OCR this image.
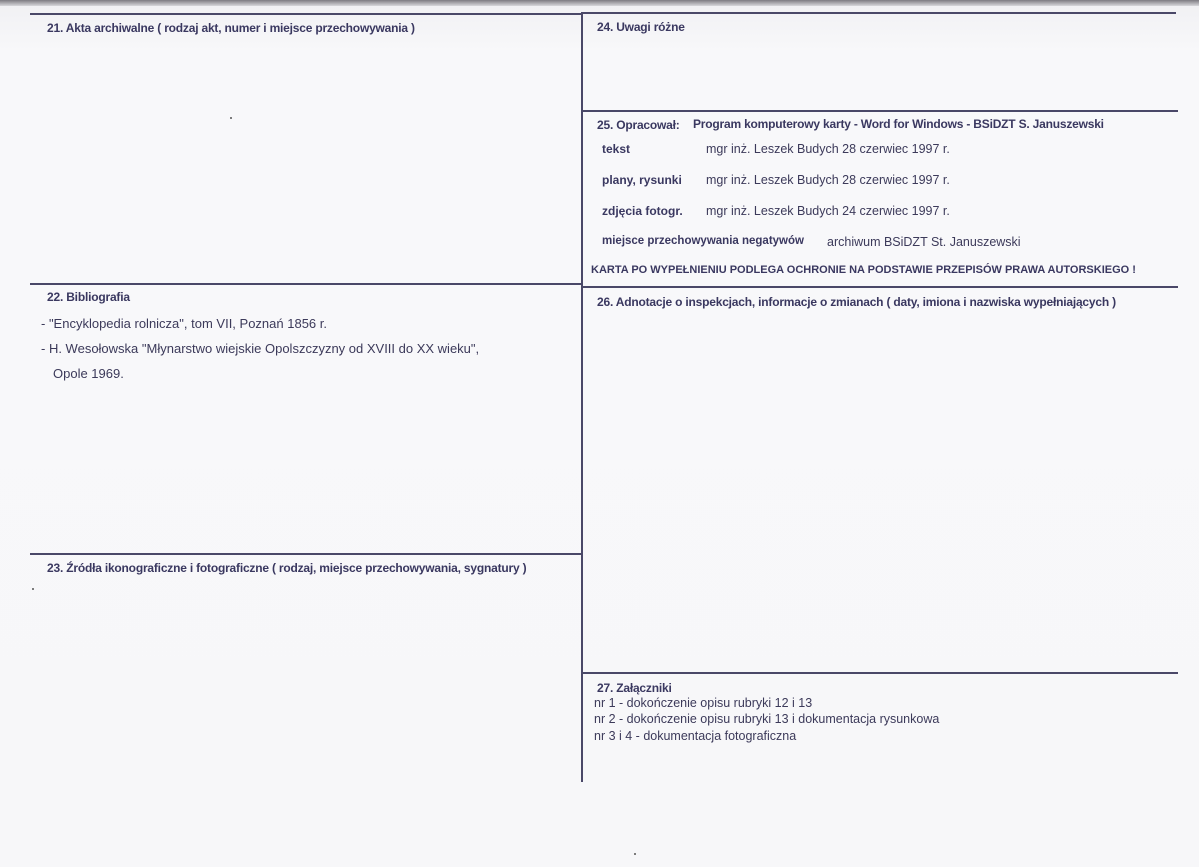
21. Akta archiwalne ( rodzaj akt, numer i miejsce przechowywania )
22. Bibliografia
- "Encyklopedia rolnicza", tom VII, Poznań 1856 r.
- H. Wesołowska "Młynarstwo wiejskie Opolszczyzny od XVIII do XX wieku",
Opole 1969.
23. Źródła ikonograficzne i fotograficzne ( rodzaj, miejsce przechowywania, sygnatury )
24. Uwagi różne
25. Opracował: Program komputerowy karty - Word for Windows - BSiDZT S. Januszewski
tekst	mgr inż. Leszek Budych 28 czerwiec 1997 r.
plany, rysunki mgr inż. Leszek Budych 28 czerwiec 1997 r.
zdjęcia fotogr. mgr inż. Leszek Budych 24 czerwiec 1997 r.
miejsce przechowywania negatywów archiwum BSiDZT St. Januszewski
KARTA PO WYPEŁNIENIU PODLEGA OCHRONIE NA PODSTAWIE PRZEPISÓW PRAWA AUTORSKIEGO !
26. Adnotacje o inspekcjach, informacje o zmianach ( daty, imiona i nazwiska wypełniających )
27. Załączniki
nr 1 - dokończenie opisu rubryki 12 i 13
nr 2 - dokończenie opisu rubryki 13 i dokumentacja rysunkowa
nr 3 i 4 - dokumentacja fotograficzna
